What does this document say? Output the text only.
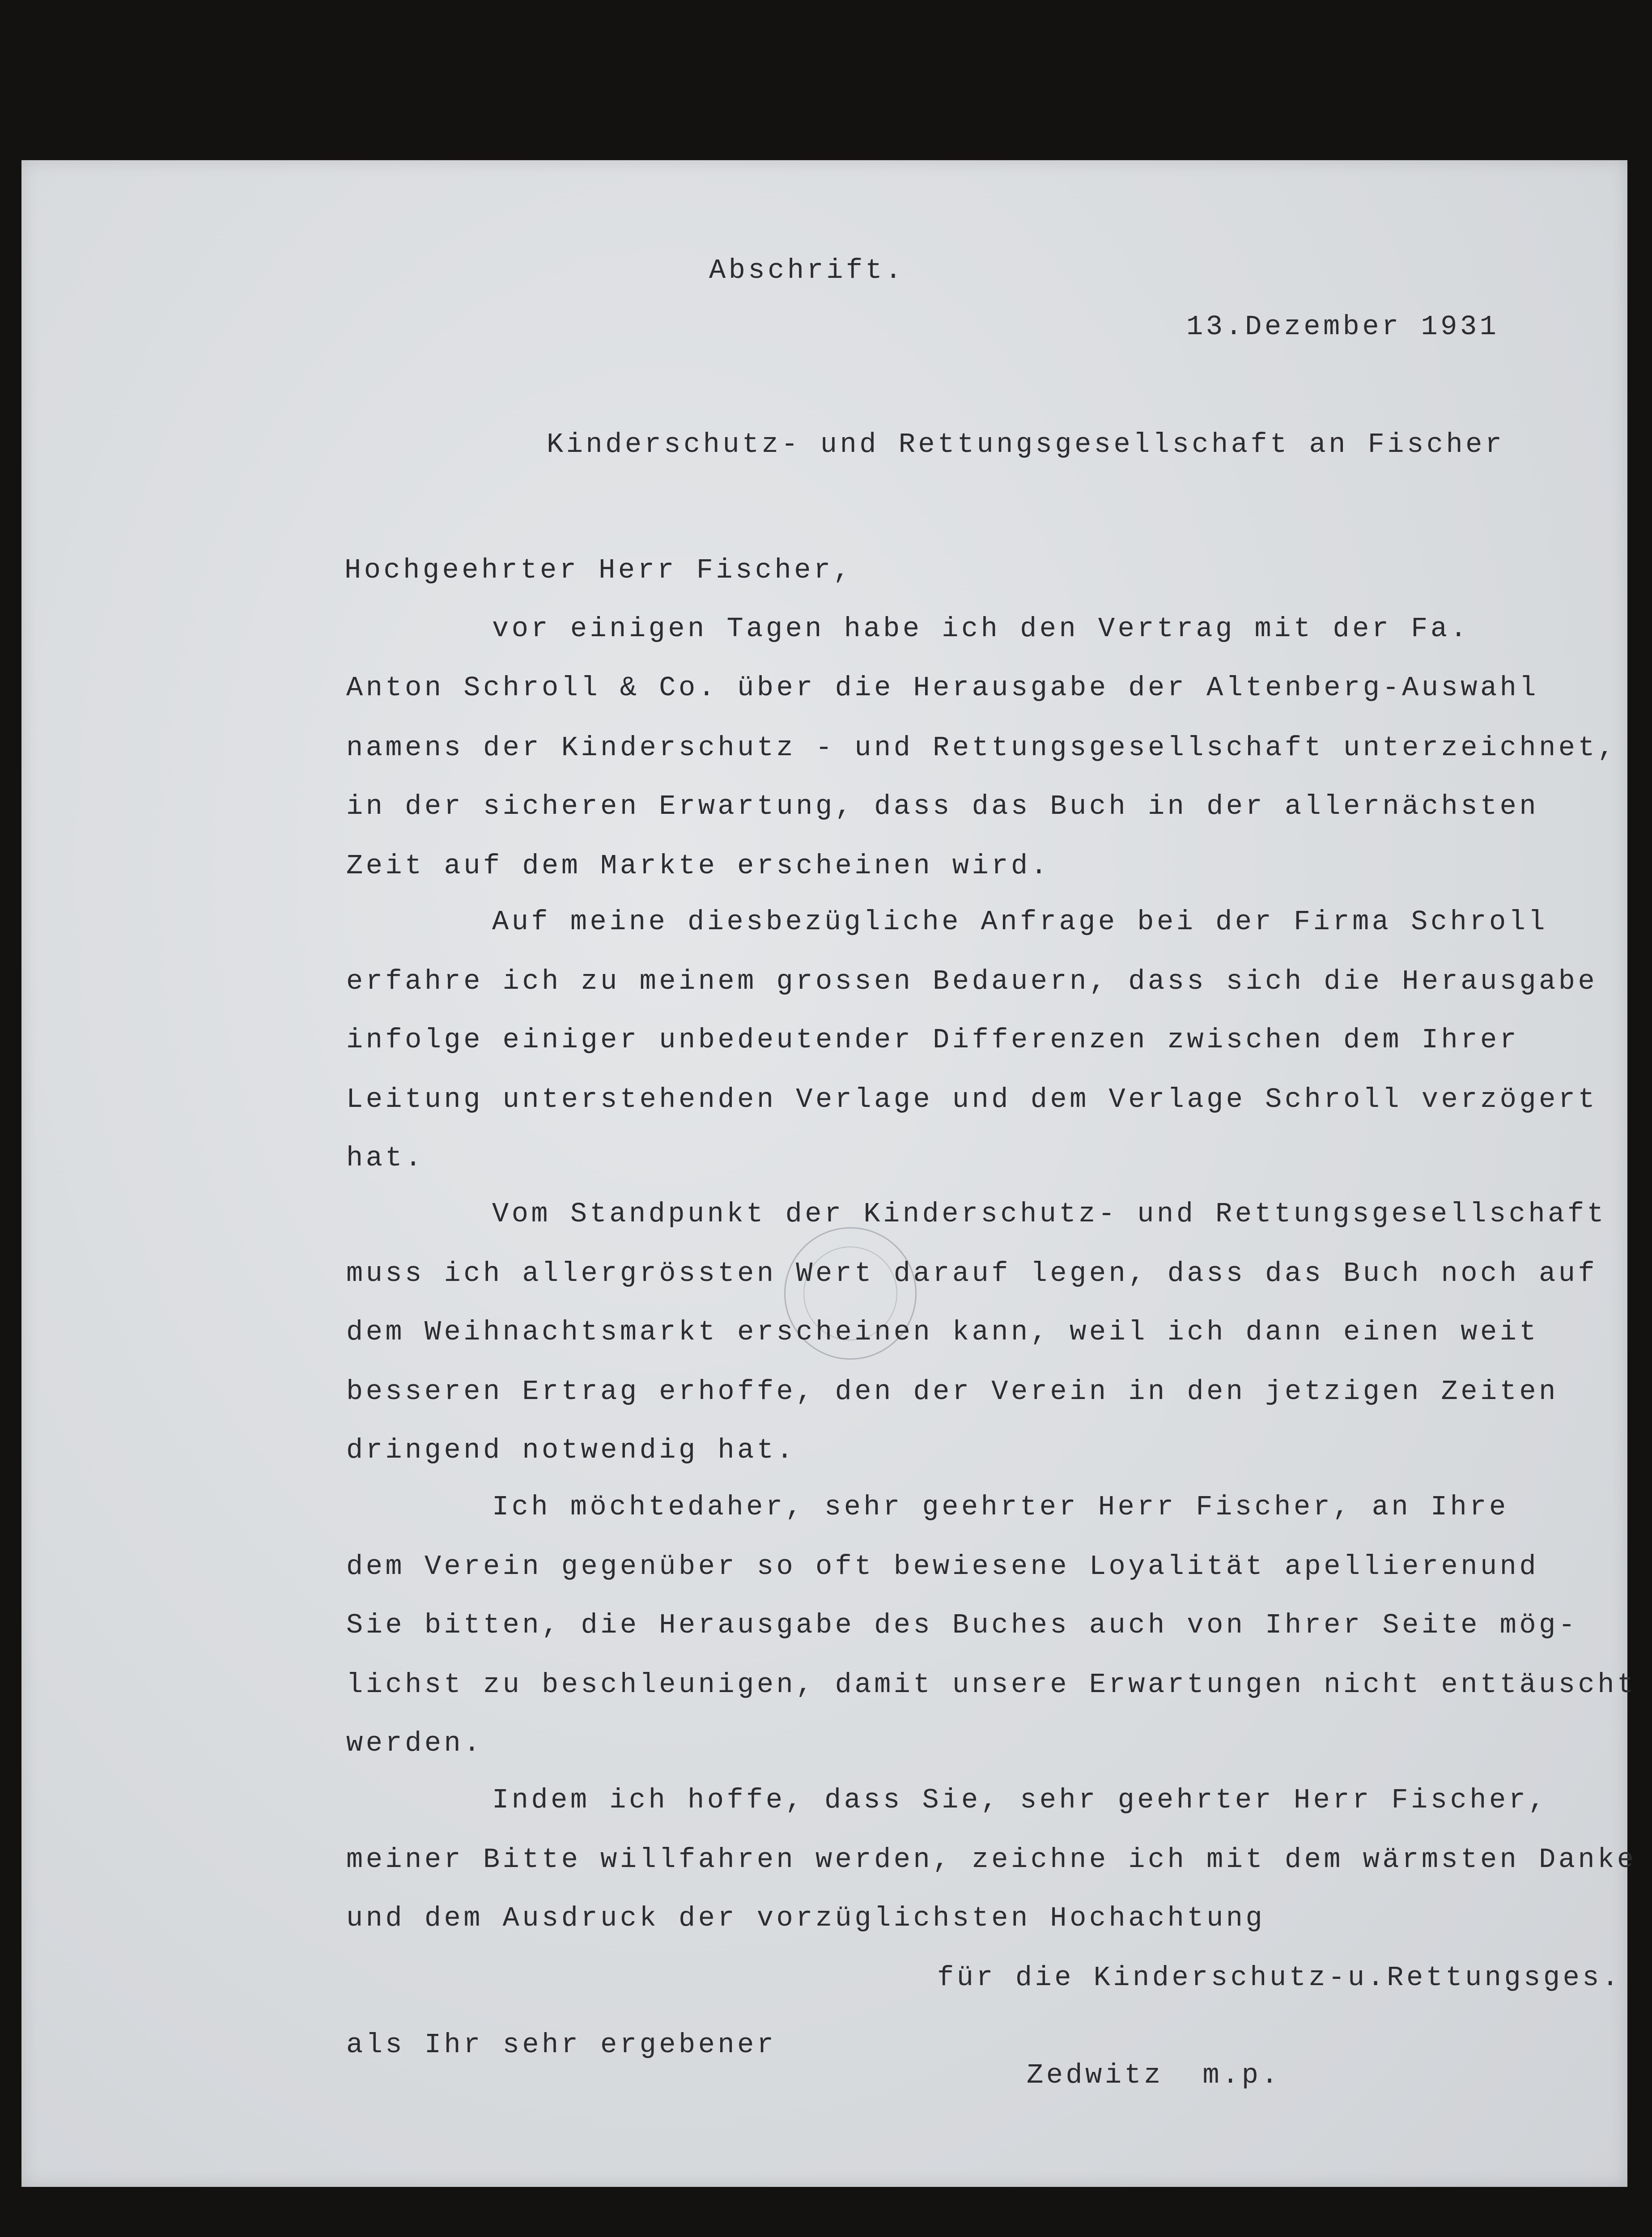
Abschrift.
13.Dezember 1931
Kinderschutz- und Rettungsgesellschaft an Fischer
Hochgeehrter Herr Fischer,
vor einigen Tagen habe ich den Vertrag mit der Fa.
Anton Schroll & Co. über die Herausgabe der Altenberg-Auswahl
namens der Kinderschutz - und Rettungsgesellschaft unterzeichnet,
in der sicheren Erwartung, dass das Buch in der allernächsten
Zeit auf dem Markte erscheinen wird.
Auf meine diesbezügliche Anfrage bei der Firma Schroll
erfahre ich zu meinem grossen Bedauern, dass sich die Herausgabe
infolge einiger unbedeutender Differenzen zwischen dem Ihrer
Leitung unterstehenden Verlage und dem Verlage Schroll verzögert
hat.
Vom Standpunkt der Kinderschutz- und Rettungsgesellschaft
muss ich allergrössten Wert darauf legen, dass das Buch noch auf
dem Weihnachtsmarkt erscheinen kann, weil ich dann einen weit
besseren Ertrag erhoffe, den der Verein in den jetzigen Zeiten
dringend notwendig hat.
Ich möchtedaher, sehr geehrter Herr Fischer, an Ihre
dem Verein gegenüber so oft bewiesene Loyalität apellierenund
Sie bitten, die Herausgabe des Buches auch von Ihrer Seite mög-
lichst zu beschleunigen, damit unsere Erwartungen nicht enttäuscht
werden.
Indem ich hoffe, dass Sie, sehr geehrter Herr Fischer,
meiner Bitte willfahren werden, zeichne ich mit dem wärmsten Danke
und dem Ausdruck der vorzüglichsten Hochachtung
für die Kinderschutz-u.Rettungsges.
als Ihr sehr ergebener
Zedwitz  m.p.
